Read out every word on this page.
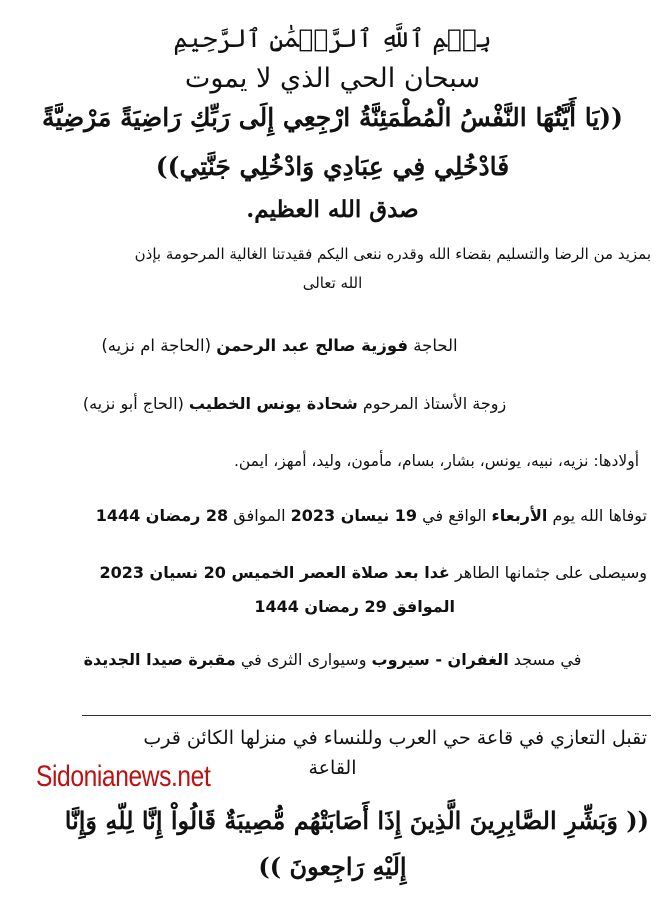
بِسۡمِ ٱللَّهِ ٱلرَّحۡمَٰنِ ٱلرَّحِيمِ
سبحان الحي الذي لا يموت
((يَا أَيَّتُهَا النَّفْسُ الْمُطْمَئِنَّةُ ارْجِعِي إِلَى رَبِّكِ رَاضِيَةً مَرْضِيَّةً
فَادْخُلِي فِي عِبَادِي وَادْخُلِي جَنَّتِي))
صدق الله العظيم.
بمزيد من الرضا والتسليم بقضاء الله وقدره ننعى اليكم فقيدتنا الغالية المرحومة بإذن
الله تعالى
الحاجة فوزية صالح عبد الرحمن (الحاجة ام نزيه)
زوجة الأستاذ المرحوم شحادة يونس الخطيب (الحاج أبو نزيه)
أولادها: نزيه، نبيه، يونس، بشار، بسام، مأمون، وليد، أمهز، ايمن.
توفاها الله يوم الأربعاء الواقع في 19 نيسان 2023 الموافق 28 رمضان 1444
وسيصلى على جثمانها الطاهر غدا بعد صلاة العصر الخميس 20 نسيان 2023
الموافق 29 رمضان 1444
في مسجد الغفران - سيروب وسيوارى الثرى في مقبرة صيدا الجديدة
تقبل التعازي في قاعة حي العرب وللنساء في منزلها الكائن قرب
القاعة
Sidonianews.net
(( وَبَشِّرِ الصَّابِرِينَ الَّذِينَ إِذَا أَصَابَتْهُم مُّصِيبَةٌ قَالُواْ إِنَّا لِلّهِ وَإِنَّا
إِلَيْهِ رَاجِعونَ ))
